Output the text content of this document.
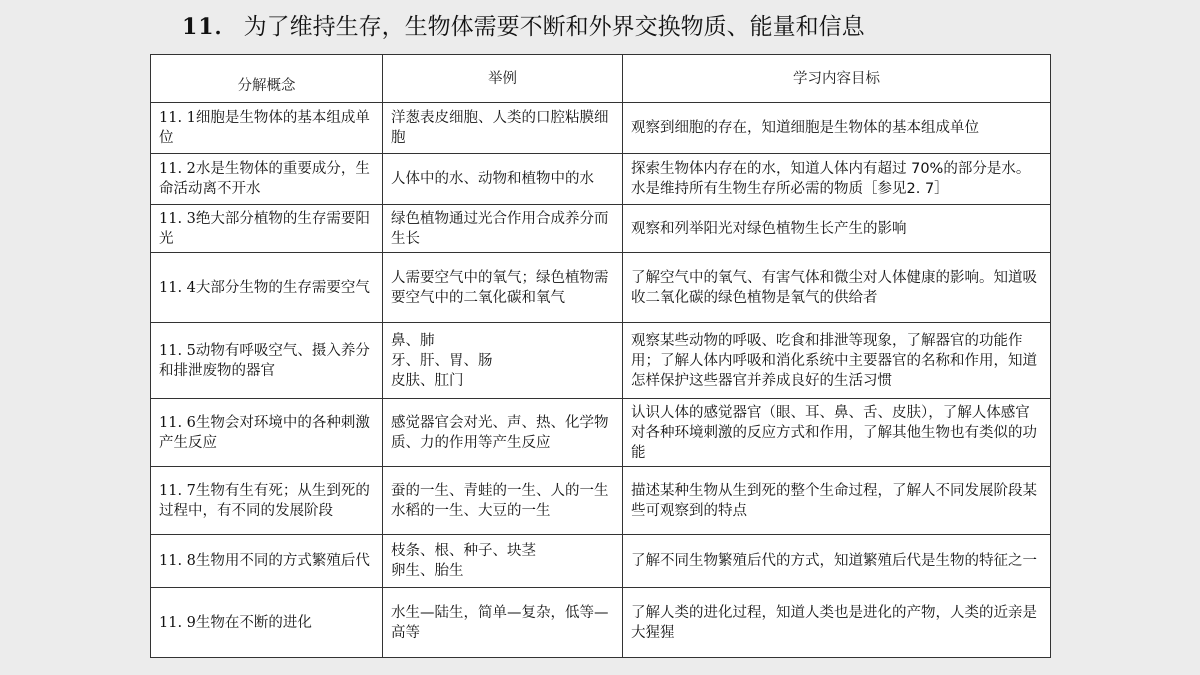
11． 为了维持生存，生物体需要不断和外界交换物质、能量和信息
分解概念	举例	学习内容目标
11. 1细胞是生物体的基本组成单位	洋葱表皮细胞、人类的口腔粘膜细胞	观察到细胞的存在，知道细胞是生物体的基本组成单位
11. 2水是生物体的重要成分，生命活动离不开水	人体中的水、动物和植物中的水	探索生物体内存在的水，知道人体内有超过 70%的部分是水。水是维持所有生物生存所必需的物质［参见2. 7］
11. 3绝大部分植物的生存需要阳光	绿色植物通过光合作用合成养分而生长	观察和列举阳光对绿色植物生长产生的影响
11. 4大部分生物的生存需要空气	人需要空气中的氧气；绿色植物需要空气中的二氧化碳和氧气	了解空气中的氧气、有害气体和微尘对人体健康的影响。知道吸收二氧化碳的绿色植物是氧气的供给者
11. 5动物有呼吸空气、摄入养分和排泄废物的器官	鼻、肺
牙、肝、胃、肠
皮肤、肛门	观察某些动物的呼吸、吃食和排泄等现象，了解器官的功能作用；了解人体内呼吸和消化系统中主要器官的名称和作用，知道怎样保护这些器官并养成良好的生活习惯
11. 6生物会对环境中的各种刺激产生反应	感觉器官会对光、声、热、化学物质、力的作用等产生反应	认识人体的感觉器官（眼、耳、鼻、舌、皮肤），了解人体感官对各种环境刺激的反应方式和作用，了解其他生物也有类似的功能
11. 7生物有生有死；从生到死的过程中，有不同的发展阶段	蚕的一生、青蛙的一生、人的一生
水稻的一生、大豆的一生	描述某种生物从生到死的整个生命过程，了解人不同发展阶段某些可观察到的特点
11. 8生物用不同的方式繁殖后代	枝条、根、种子、块茎
卵生、胎生	了解不同生物繁殖后代的方式，知道繁殖后代是生物的特征之一
11. 9生物在不断的进化	水生—陆生，简单—复杂，低等—高等	了解人类的进化过程，知道人类也是进化的产物，人类的近亲是大猩猩
